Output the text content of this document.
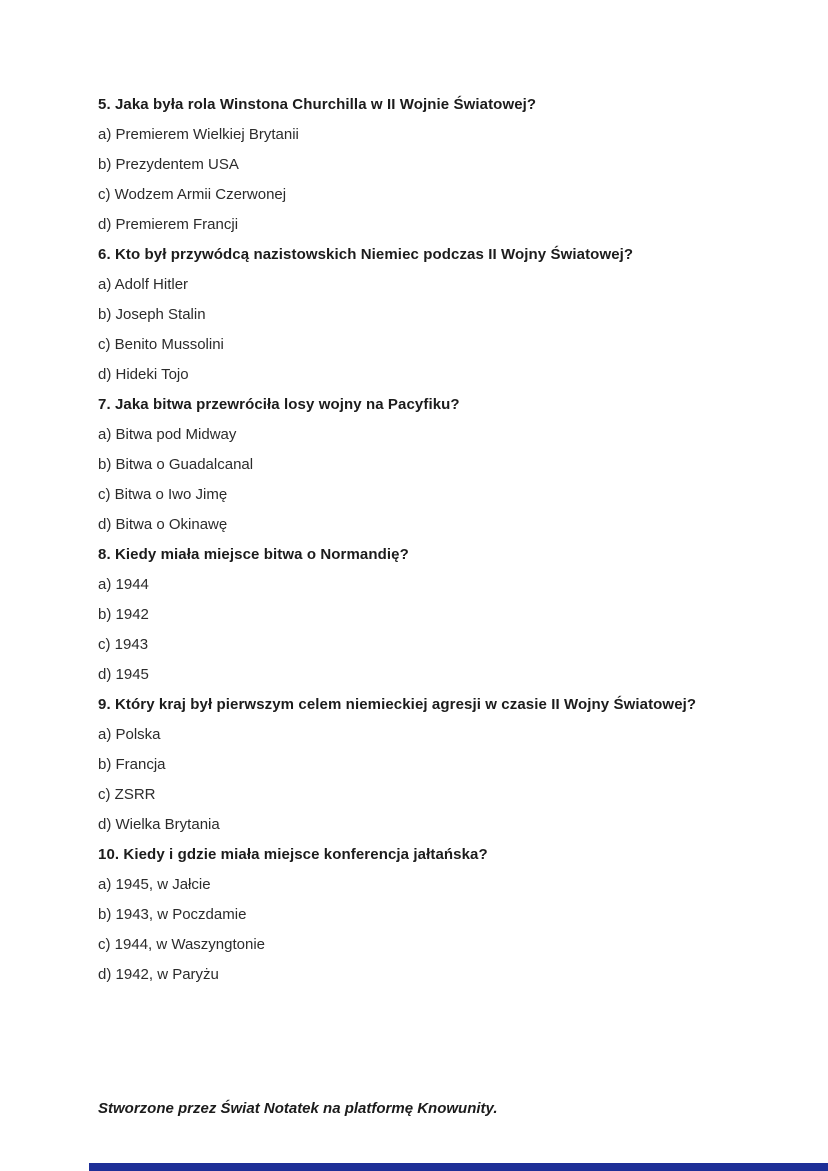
5. Jaka była rola Winstona Churchilla w II Wojnie Światowej?
a) Premierem Wielkiej Brytanii
b) Prezydentem USA
c) Wodzem Armii Czerwonej
d) Premierem Francji
6. Kto był przywódcą nazistowskich Niemiec podczas II Wojny Światowej?
a) Adolf Hitler
b) Joseph Stalin
c) Benito Mussolini
d) Hideki Tojo
7. Jaka bitwa przewróciła losy wojny na Pacyfiku?
a) Bitwa pod Midway
b) Bitwa o Guadalcanal
c) Bitwa o Iwo Jimę
d) Bitwa o Okinawę
8. Kiedy miała miejsce bitwa o Normandię?
a) 1944
b) 1942
c) 1943
d) 1945
9. Który kraj był pierwszym celem niemieckiej agresji w czasie II Wojny Światowej?
a) Polska
b) Francja
c) ZSRR
d) Wielka Brytania
10. Kiedy i gdzie miała miejsce konferencja jałtańska?
a) 1945, w Jałcie
b) 1943, w Poczdamie
c) 1944, w Waszyngtonie
d) 1942, w Paryżu
Stworzone przez Świat Notatek na platformę Knowunity.
